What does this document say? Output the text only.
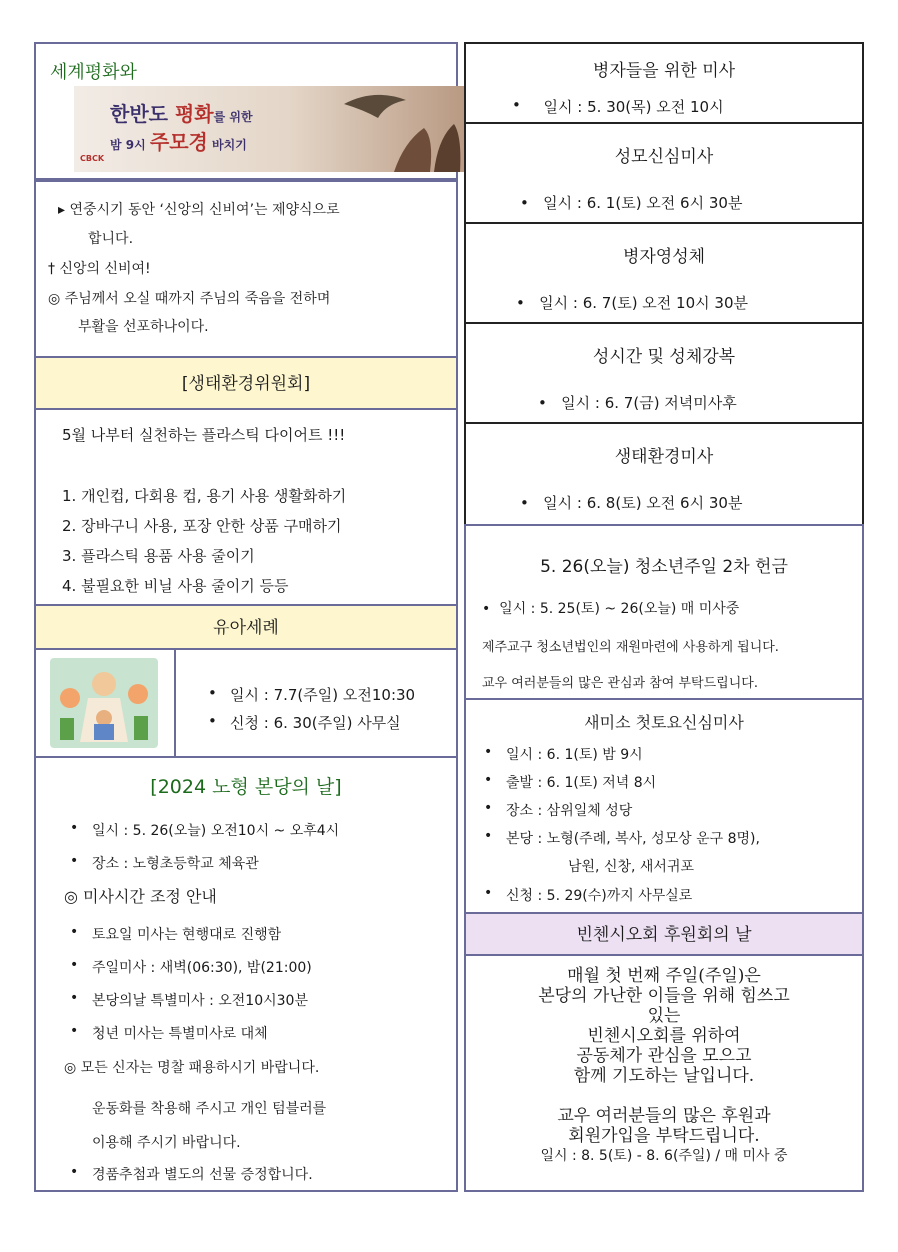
세계평화와
한반도 평화를 위한
밤 9시 주모경 바치기
CBCK
▸ 연중시기 동안 ‘신앙의 신비여’는 제양식으로
합니다.
† 신앙의 신비여!
◎ 주님께서 오실 때까지 주님의 죽음을 전하며
부활을 선포하나이다.
[생태환경위원회]
5월 나부터 실천하는 플라스틱 다이어트 !!!
1. 개인컵, 다회용 컵, 용기 사용 생활화하기
2. 장바구니 사용, 포장 안한 상품 구매하기
3. 플라스틱 용품 사용 줄이기
4. 불필요한 비닐 사용 줄이기 등등
유아세례
• 일시 : 7.7(주일) 오전10:30
• 신청 : 6. 30(주일) 사무실
[2024 노형 본당의 날]
• 일시 : 5. 26(오늘) 오전10시 ~ 오후4시
• 장소 : 노형초등학교 체육관
◎ 미사시간 조정 안내
• 토요일 미사는 현행대로 진행함
• 주일미사 : 새벽(06:30), 밤(21:00)
• 본당의날 특별미사 : 오전10시30분
• 청년 미사는 특별미사로 대체
◎ 모든 신자는 명찰 패용하시기 바랍니다.
운동화를 착용해 주시고 개인 텀블러를
이용해 주시기 바랍니다.
• 경품추첨과 별도의 선물 증정합니다.
병자들을 위한 미사
일시 : 5. 30(목) 오전 10시
성모신심미사
•   일시 : 6. 1(토) 오전 6시 30분
병자영성체
•   일시 : 6. 7(토) 오전 10시 30분
성시간 및 성체강복
•   일시 : 6. 7(금) 저녁미사후
생태환경미사
•   일시 : 6. 8(토) 오전 6시 30분
5. 26(오늘) 청소년주일 2차 헌금
•  일시 : 5. 25(토) ~ 26(오늘) 매 미사중
제주교구 청소년법인의 재원마련에 사용하게 됩니다.
교우 여러분들의 많은 관심과 참여 부탁드립니다.
새미소 첫토요신심미사
• 일시 : 6. 1(토) 밤 9시
• 출발 : 6. 1(토) 저녁 8시
• 장소 : 삼위일체 성당
• 본당 : 노형(주례, 복사, 성모상 운구 8명),
남원, 신창, 새서귀포
• 신청 : 5. 29(수)까지 사무실로
빈첸시오회 후원회의 날
매월 첫 번째 주일(주일)은
본당의 가난한 이들을 위해 힘쓰고
있는
빈첸시오회를 위하여
공동체가 관심을 모으고
함께 기도하는 날입니다.
교우 여러분들의 많은 후원과
회원가입을 부탁드립니다.
일시 : 8. 5(토) - 8. 6(주일) / 매 미사 중
